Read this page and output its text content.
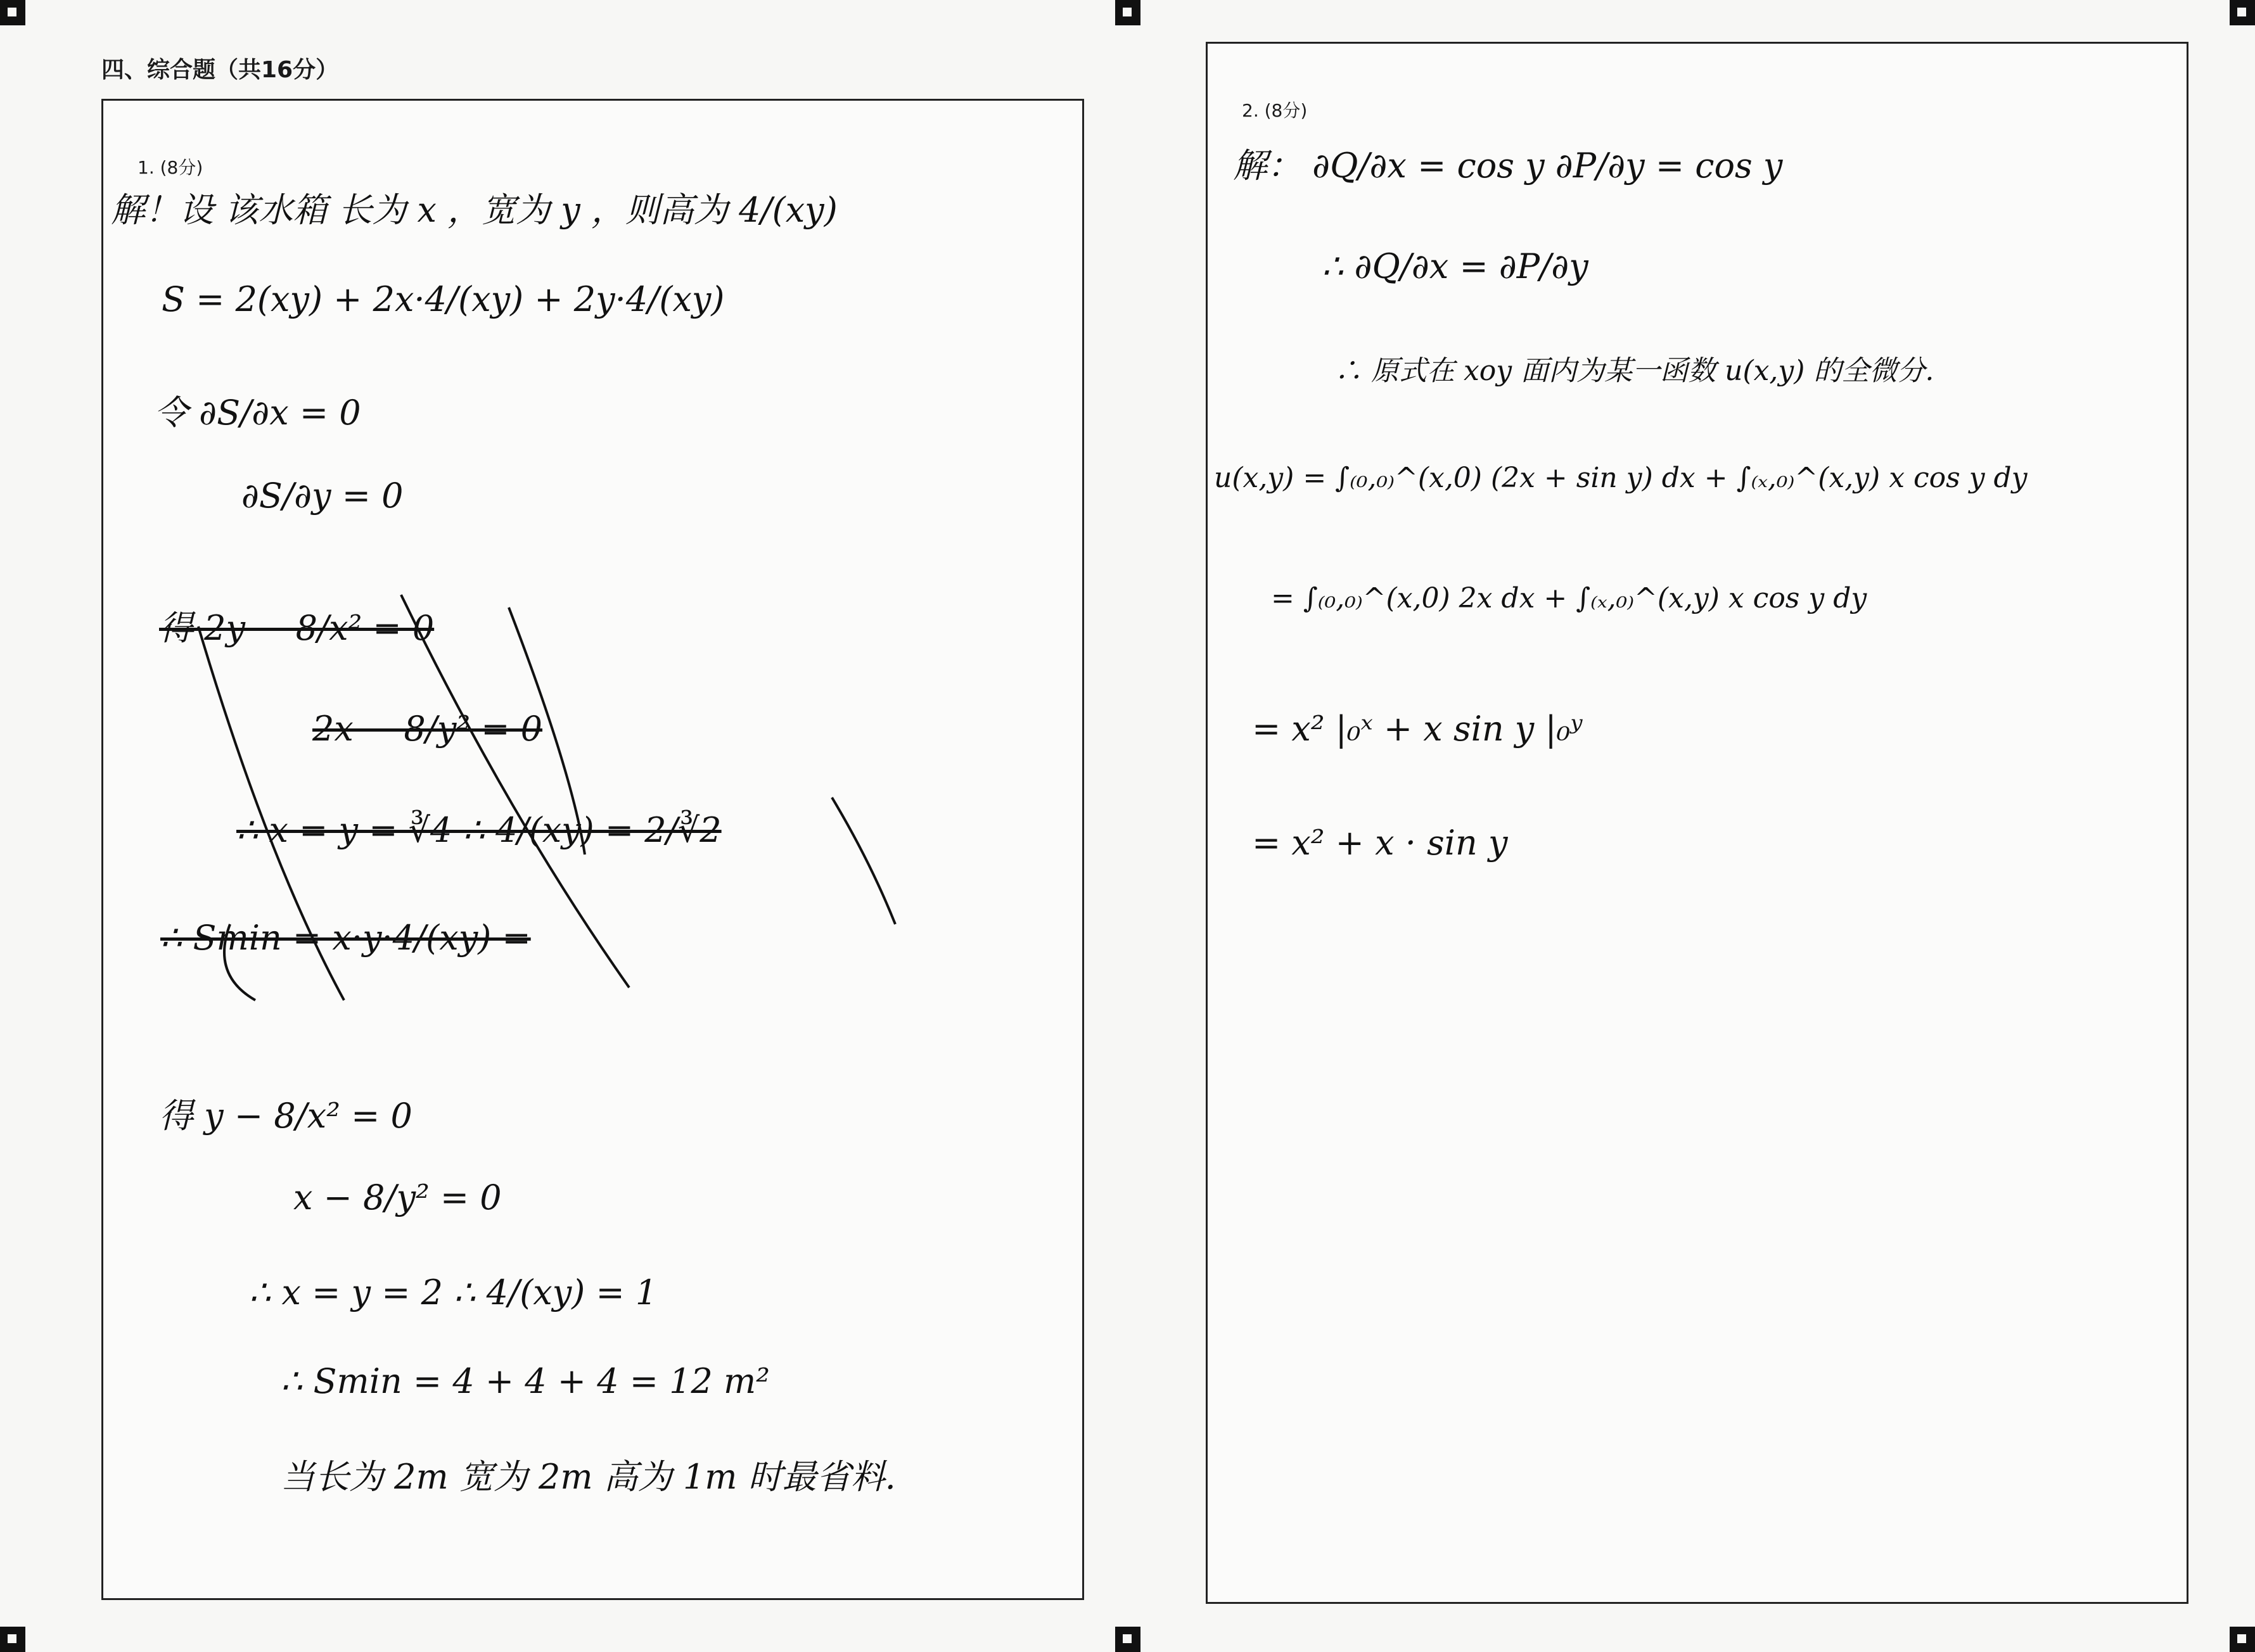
四、综合题（共16分）
1. (8分)
解！设 该水箱 长为 x ，宽为 y ，则高为 4/(xy)
S = 2(xy) + 2x·4/(xy) + 2y·4/(xy)
令 ∂S/∂x = 0
∂S/∂y = 0
得 2y − 8/x² = 0
2x − 8/y² = 0
∴ x = y = ∛4 ∴ 4/(xy) = 2/∛2
∴ Smin = x·y·4/(xy) =
得 y − 8/x² = 0
x − 8/y² = 0
∴ x = y = 2 ∴ 4/(xy) = 1
∴ Smin = 4 + 4 + 4 = 12 m²
当长为 2m 宽为 2m 高为 1m 时最省料.
2. (8分)
解： ∂Q/∂x = cos y ∂P/∂y = cos y
∴ ∂Q/∂x = ∂P/∂y
∴ 原式在 xoy 面内为某一函数 u(x,y) 的全微分.
u(x,y) = ∫₍₀,₀₎^(x,0) (2x + sin y) dx + ∫₍ₓ,₀₎^(x,y) x cos y dy
= ∫₍₀,₀₎^(x,0) 2x dx + ∫₍ₓ,₀₎^(x,y) x cos y dy
= x² |₀ˣ + x sin y |₀ʸ
= x² + x · sin y
